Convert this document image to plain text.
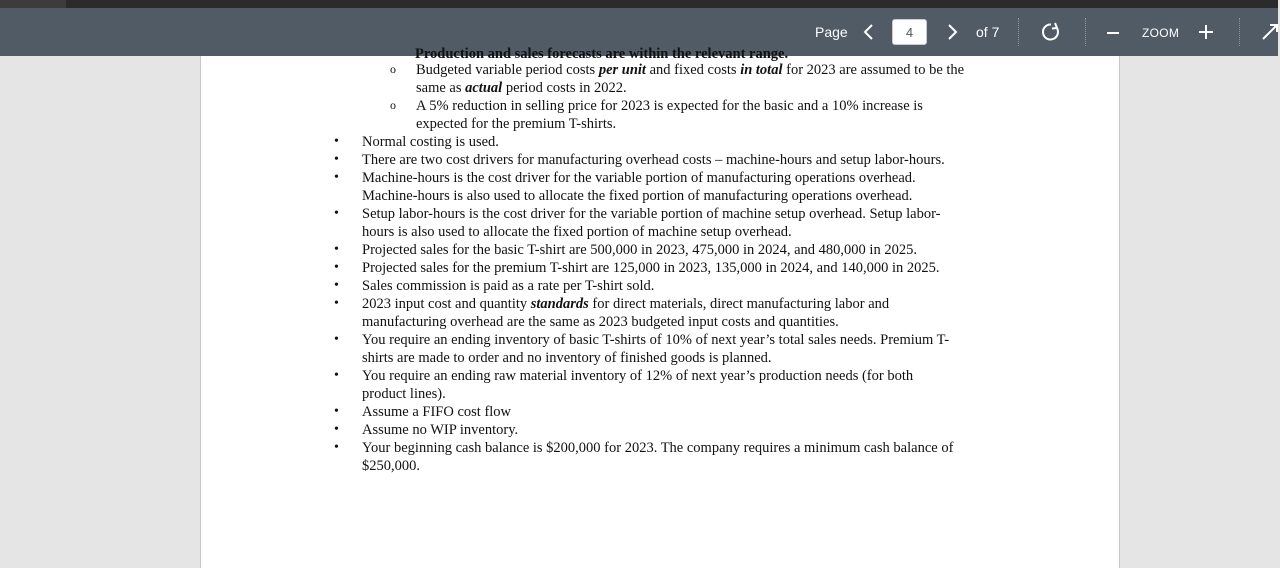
Page
4	of 7	ZOOM
Production and sales forecasts are within the relevant range.
o Budgeted variable period costs per unit and fixed costs in total for 2023 are assumed to be the
same as actual period costs in 2022.
o A 5% reduction in selling price for 2023 is expected for the basic and a 10% increase is
expected for the premium T-shirts.
• Normal costing is used.
• There are two cost drivers for manufacturing overhead costs – machine-hours and setup labor-hours.
• Machine-hours is the cost driver for the variable portion of manufacturing operations overhead.
Machine-hours is also used to allocate the fixed portion of manufacturing operations overhead.
• Setup labor-hours is the cost driver for the variable portion of machine setup overhead. Setup labor-
hours is also used to allocate the fixed portion of machine setup overhead.
• Projected sales for the basic T-shirt are 500,000 in 2023, 475,000 in 2024, and 480,000 in 2025.
• Projected sales for the premium T-shirt are 125,000 in 2023, 135,000 in 2024, and 140,000 in 2025.
• Sales commission is paid as a rate per T-shirt sold.
• 2023 input cost and quantity standards for direct materials, direct manufacturing labor and
manufacturing overhead are the same as 2023 budgeted input costs and quantities.
• You require an ending inventory of basic T-shirts of 10% of next year’s total sales needs. Premium T-
shirts are made to order and no inventory of finished goods is planned.
• You require an ending raw material inventory of 12% of next year’s production needs (for both
product lines).
• Assume a FIFO cost flow
• Assume no WIP inventory.
• Your beginning cash balance is $200,000 for 2023. The company requires a minimum cash balance of
$250,000.
